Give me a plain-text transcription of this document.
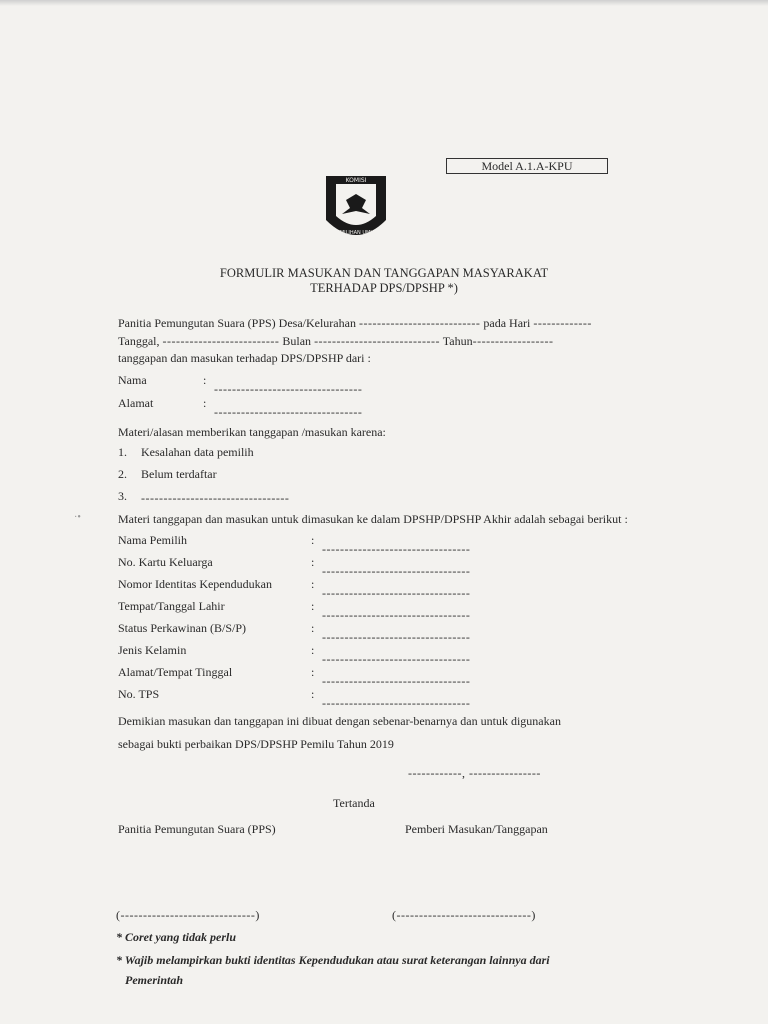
Model A.1.A-KPU
KOMISI
PEMILIHAN UMUM
FORMULIR MASUKAN DAN TANGGAPAN MASYARAKAT
TERHADAP DPS/DPSHP *)
Panitia Pemungutan Suara (PPS) Desa/Kelurahan --------------------------- pada Hari -------------
Tanggal, -------------------------- Bulan ---------------------------- Tahun------------------
tanggapan dan masukan terhadap DPS/DPSHP dari :
Nama	:
---------------------------------
Alamat	:
---------------------------------
Materi/alasan memberikan tanggapan /masukan karena:
1. Kesalahan data pemilih
2. Belum terdaftar
3. ---------------------------------
·•	Materi tanggapan dan masukan untuk dimasukan ke dalam DPSHP/DPSHP Akhir adalah sebagai berikut :
Nama Pemilih	:
---------------------------------
No. Kartu Keluarga	:
---------------------------------
Nomor Identitas Kependudukan	:
---------------------------------
Tempat/Tanggal Lahir	:
---------------------------------
Status Perkawinan (B/S/P)	:
---------------------------------
Jenis Kelamin	:
---------------------------------
Alamat/Tempat Tinggal	:
---------------------------------
No. TPS	:
---------------------------------
Demikian masukan dan tanggapan ini dibuat dengan sebenar-benarnya dan untuk digunakan
sebagai bukti perbaikan DPS/DPSHP Pemilu Tahun 2019
------------, ----------------
Tertanda
Panitia Pemungutan Suara (PPS)	Pemberi Masukan/Tanggapan
(------------------------------)	(------------------------------)
* Coret yang tidak perlu
* Wajib melampirkan bukti identitas Kependudukan atau surat keterangan lainnya dari
Pemerintah
